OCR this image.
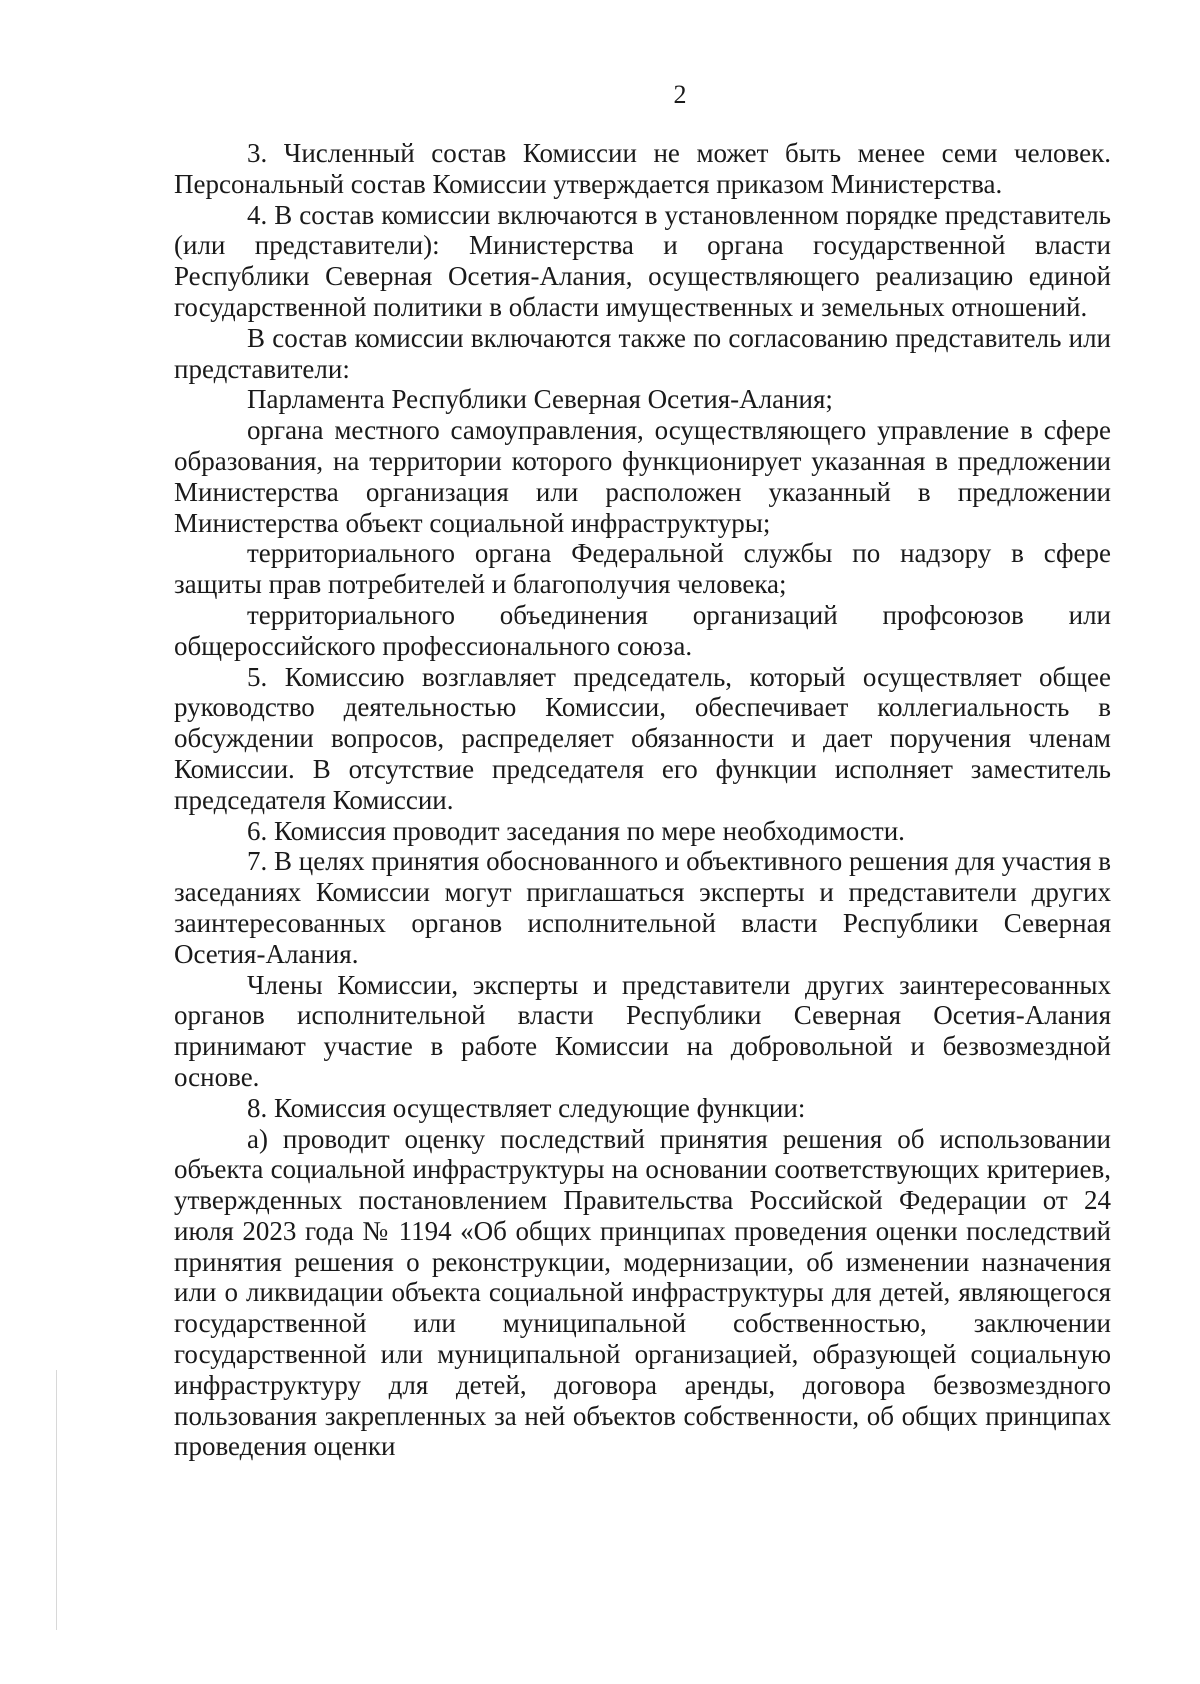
2

3. Численный состав Комиссии не может быть менее семи человек. Персональный состав Комиссии утверждается приказом Министерства.

4. В состав комиссии включаются в установленном порядке представитель (или представители): Министерства и органа государственной власти Республики Северная Осетия-Алания, осуществляющего реализацию единой государственной политики в области имущественных и земельных отношений.

В состав комиссии включаются также по согласованию представитель или представители:

Парламента Республики Северная Осетия-Алания;

органа местного самоуправления, осуществляющего управление в сфере образования, на территории которого функционирует указанная в предложении Министерства организация или расположен указанный в предложении Министерства объект социальной инфраструктуры;

территориального органа Федеральной службы по надзору в сфере защиты прав потребителей и благополучия человека;

территориального объединения организаций профсоюзов или общероссийского профессионального союза.

5. Комиссию возглавляет председатель, который осуществляет общее руководство деятельностью Комиссии, обеспечивает коллегиальность в обсуждении вопросов, распределяет обязанности и дает поручения членам Комиссии. В отсутствие председателя его функции исполняет заместитель председателя Комиссии.

6. Комиссия проводит заседания по мере необходимости.

7. В целях принятия обоснованного и объективного решения для участия в заседаниях Комиссии могут приглашаться эксперты и представители других заинтересованных органов исполнительной власти Республики Северная Осетия-Алания.

Члены Комиссии, эксперты и представители других заинтересованных органов исполнительной власти Республики Северная Осетия-Алания принимают участие в работе Комиссии на добровольной и безвозмездной основе.

8. Комиссия осуществляет следующие функции:

а) проводит оценку последствий принятия решения об использовании объекта социальной инфраструктуры на основании соответствующих критериев, утвержденных постановлением Правительства Российской Федерации от 24 июля 2023 года № 1194 «Об общих принципах проведения оценки последствий принятия решения о реконструкции, модернизации, об изменении назначения или о ликвидации объекта социальной инфраструктуры для детей, являющегося государственной или муниципальной собственностью, заключении государственной или муниципальной организацией, образующей социальную инфраструктуру для детей, договора аренды, договора безвозмездного пользования закрепленных за ней объектов собственности, об общих принципах проведения оценки
